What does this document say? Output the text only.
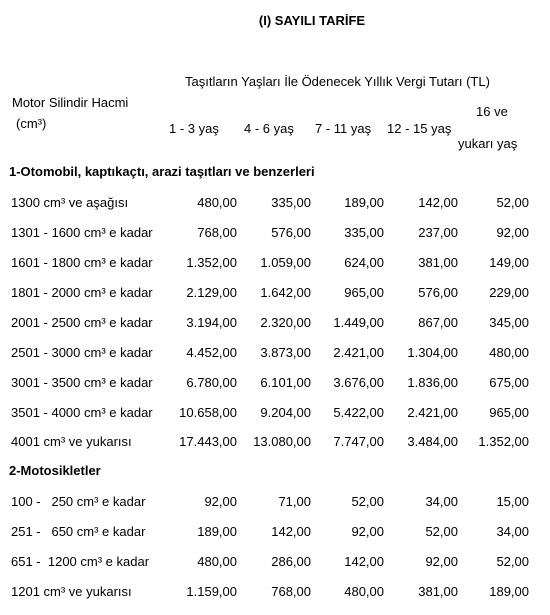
(I) SAYILI TARİFE
Motor Silindir Hacmi
(cm³)
Taşıtların Yaşları İle Ödenecek Yıllık Vergi Tutarı (TL)
1 - 3 yaş 4 - 6 yaş 7 - 11 yaş 12 - 15 yaş
16 ve
yukarı yaş
1-Otomobil, kaptıkaçtı, arazi taşıtları ve benzerleri
1300 cm³ ve aşağısı	480,00	335,00	189,00	142,00	52,00
1301 - 1600 cm³ e kadar	768,00	576,00	335,00	237,00	92,00
1601 - 1800 cm³ e kadar	1.352,00 1.059,00	624,00	381,00 149,00
1801 - 2000 cm³ e kadar	2.129,00 1.642,00	965,00	576,00 229,00
2001 - 2500 cm³ e kadar	3.194,00 2.320,00 1.449,00	867,00 345,00
2501 - 3000 cm³ e kadar	4.452,00 3.873,00 2.421,00 1.304,00 480,00
3001 - 3500 cm³ e kadar	6.780,00 6.101,00 3.676,00 1.836,00 675,00
3501 - 4000 cm³ e kadar 10.658,00 9.204,00 5.422,00 2.421,00 965,00
4001 cm³ ve yukarısı	17.443,00 13.080,00 7.747,00 3.484,00 1.352,00
2-Motosikletler
100 -   250 cm³ e kadar	92,00	71,00	52,00	34,00	15,00
251 -   650 cm³ e kadar	189,00	142,00	92,00	52,00	34,00
651 -  1200 cm³ e kadar	480,00	286,00	142,00	92,00	52,00
1201 cm³ ve yukarısı	1.159,00	768,00	480,00	381,00 189,00
